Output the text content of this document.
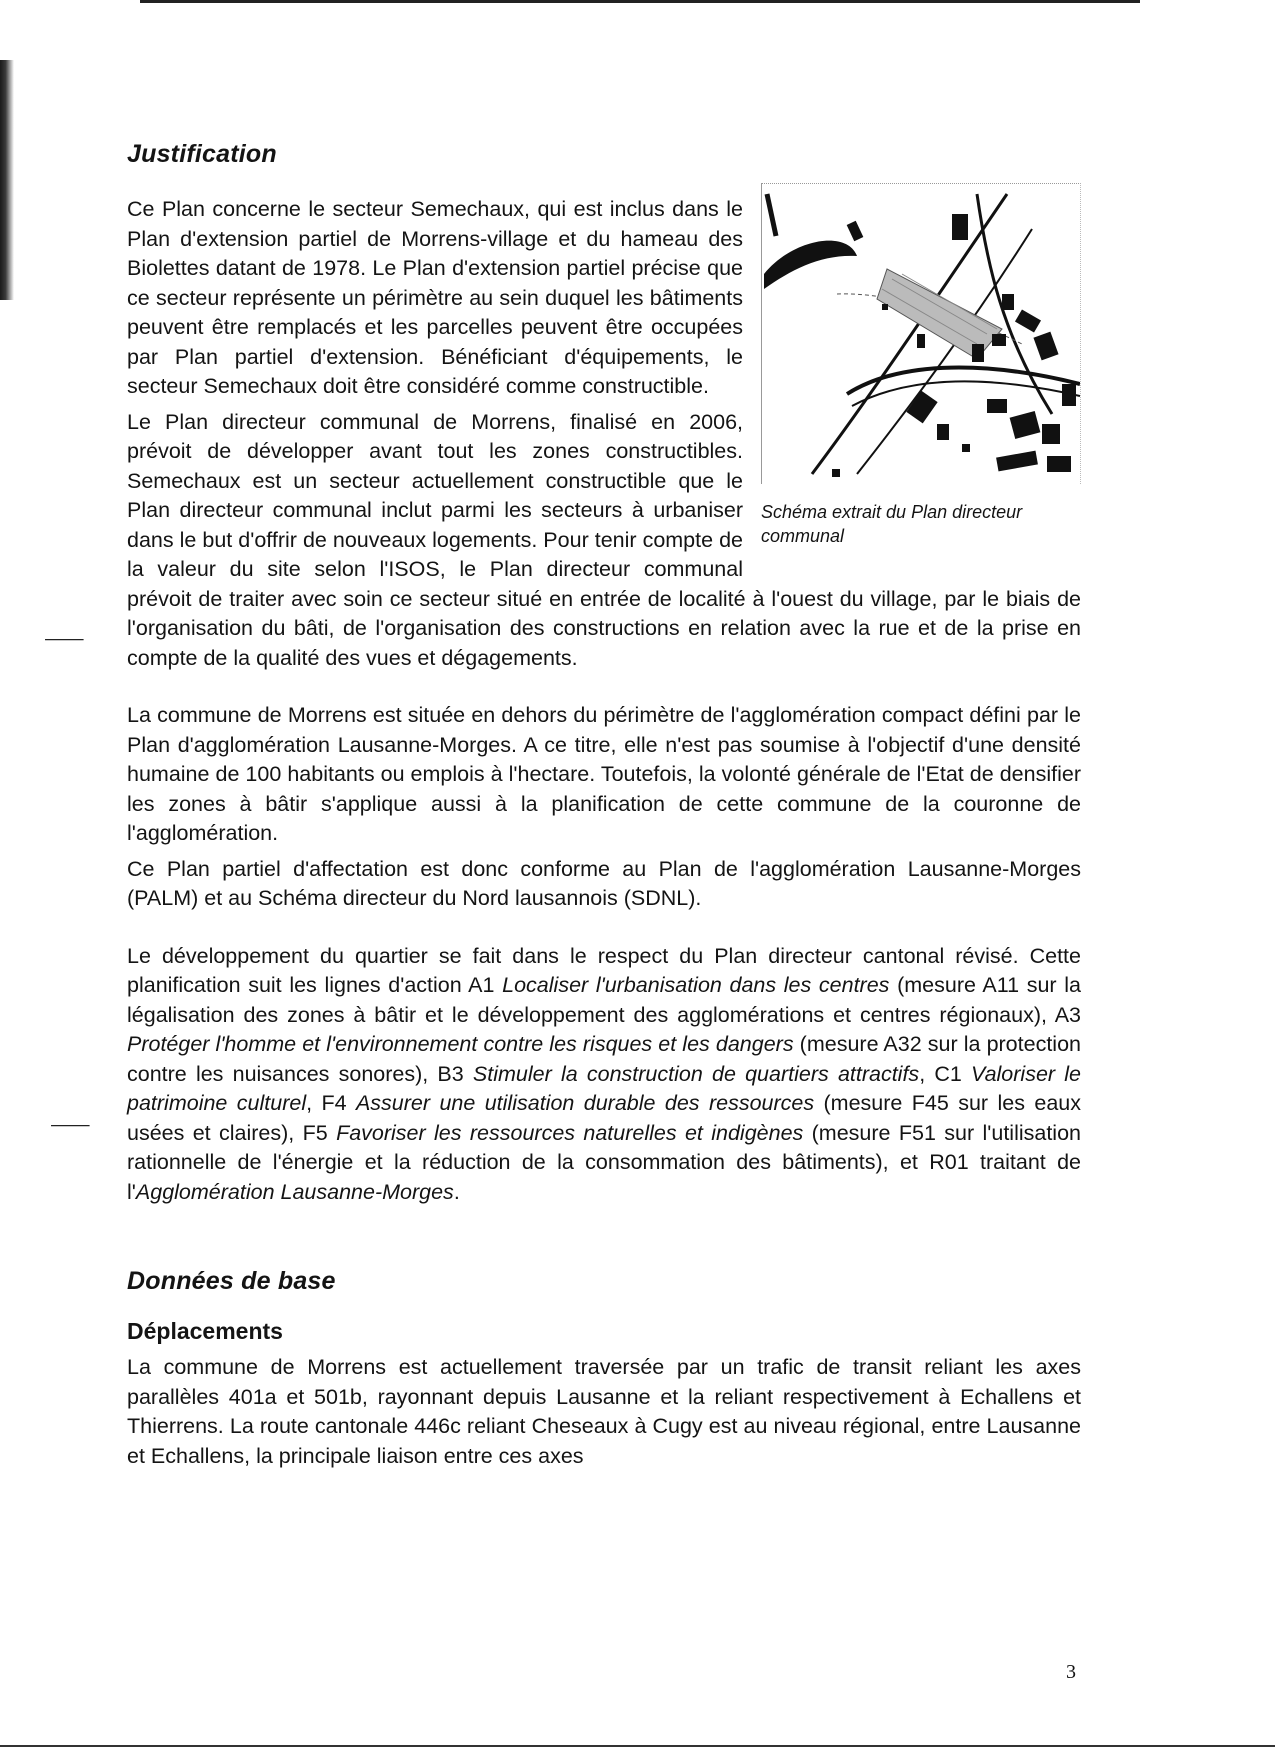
⸺
⸺
Justification
Schéma extrait du Plan directeur communal

Ce Plan concerne le secteur Semechaux, qui est inclus dans le Plan d'extension partiel de Morrens-village et du hameau des Biolettes datant de 1978. Le Plan d'extension partiel précise que ce secteur représente un périmètre au sein duquel les bâtiments peuvent être remplacés et les parcelles peuvent être occupées par Plan partiel d'extension. Bénéficiant d'équipements, le secteur Semechaux doit être considéré comme constructible.

Le Plan directeur communal de Morrens, finalisé en 2006, prévoit de développer avant tout les zones constructibles. Semechaux est un secteur actuellement constructible que le Plan directeur communal inclut parmi les secteurs à urbaniser dans le but d'offrir de nouveaux logements. Pour tenir compte de la valeur du site selon l'ISOS, le Plan directeur communal prévoit de traiter avec soin ce secteur situé en entrée de localité à l'ouest du village, par le biais de l'organisation du bâti, de l'organisation des constructions en relation avec la rue et de la prise en compte de la qualité des vues et dégagements.

La commune de Morrens est située en dehors du périmètre de l'agglomération compact défini par le Plan d'agglomération Lausanne-Morges. A ce titre, elle n'est pas soumise à l'objectif d'une densité humaine de 100 habitants ou emplois à l'hectare. Toutefois, la volonté générale de l'Etat de densifier les zones à bâtir s'applique aussi à la planification de cette commune de la couronne de l'agglomération.

Ce Plan partiel d'affectation est donc conforme au Plan de l'agglomération Lausanne-Morges (PALM) et au Schéma directeur du Nord lausannois (SDNL).

Le développement du quartier se fait dans le respect du Plan directeur cantonal révisé. Cette planification suit les lignes d'action A1 Localiser l'urbanisation dans les centres (mesure A11 sur la légalisation des zones à bâtir et le développement des agglomérations et centres régionaux), A3 Protéger l'homme et l'environnement contre les risques et les dangers (mesure A32 sur la protection contre les nuisances sonores), B3 Stimuler la construction de quartiers attractifs, C1 Valoriser le patrimoine culturel, F4 Assurer une utilisation durable des ressources (mesure F45 sur les eaux usées et claires), F5 Favoriser les ressources naturelles et indigènes (mesure F51 sur l'utilisation rationnelle de l'énergie et la réduction de la consommation des bâtiments), et R01 traitant de l'Agglomération Lausanne-Morges.

Données de base
Déplacements

La commune de Morrens est actuellement traversée par un trafic de transit reliant les axes parallèles 401a et 501b, rayonnant depuis Lausanne et la reliant respectivement à Echallens et Thierrens. La route cantonale 446c reliant Cheseaux à Cugy est au niveau régional, entre Lausanne et Echallens, la principale liaison entre ces axes

3
